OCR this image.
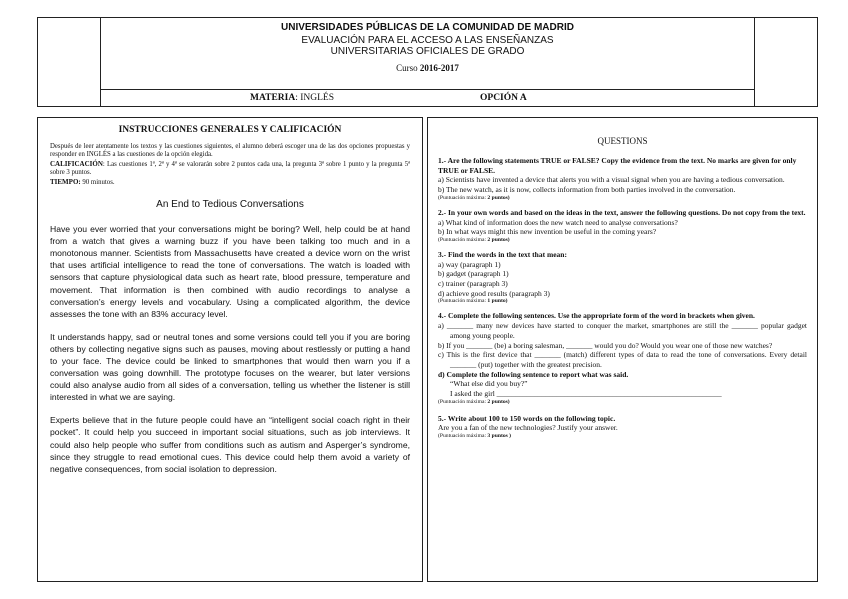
UNIVERSIDADES PÚBLICAS DE LA COMUNIDAD DE MADRID
EVALUACIÓN PARA EL ACCESO A LAS ENSEÑANZAS
UNIVERSITARIAS OFICIALES DE GRADO
Curso 2016-2017
MATERIA: INGLÉS	OPCIÓN A
INSTRUCCIONES GENERALES Y CALIFICACIÓN
Después de leer atentamente los textos y las cuestiones siguientes, el alumno deberá escoger una de las dos opciones propuestas y responder en INGLÉS a las cuestiones de la opción elegida.
CALIFICACIÓN: Las cuestiones 1ª, 2ª y 4ª se valorarán sobre 2 puntos cada una, la pregunta 3ª sobre 1 punto y la pregunta 5ª sobre 3 puntos.
TIEMPO: 90 minutos.
An End to Tedious Conversations

Have you ever worried that your conversations might be boring? Well, help could be at hand from a watch that gives a warning buzz if you have been talking too much and in a monotonous manner. Scientists from Massachusetts have created a device worn on the wrist that uses artificial intelligence to read the tone of conversations. The watch is loaded with sensors that capture physiological data such as heart rate, blood pressure, temperature and movement. That information is then combined with audio recordings to analyse a conversation’s energy levels and vocabulary. Using a complicated algorithm, the device assesses the tone with an 83% accuracy level.

It understands happy, sad or neutral tones and some versions could tell you if you are boring others by collecting negative signs such as pauses, moving about restlessly or putting a hand to your face. The device could be linked to smartphones that would then warn you if a conversation was going downhill. The prototype focuses on the wearer, but later versions could also analyse audio from all sides of a conversation, telling us whether the listener is still interested in what we are saying.

Experts believe that in the future people could have an “intelligent social coach right in their pocket”. It could help you succeed in important social situations, such as job interviews. It could also help people who suffer from conditions such as autism and Asperger’s syndrome, since they struggle to read emotional cues. This device could help them avoid a variety of negative consequences, from social isolation to depression.

QUESTIONS
1.- Are the following statements TRUE or FALSE? Copy the evidence from the text. No marks are given for only TRUE or FALSE.
a) Scientists have invented a device that alerts you with a visual signal when you are having a tedious conversation.
b) The new watch, as it is now, collects information from both parties involved in the conversation.
(Puntuación máxima: 2 puntos)
2.- In your own words and based on the ideas in the text, answer the following questions. Do not copy from the text.
a) What kind of information does the new watch need to analyse conversations?
b) In what ways might this new invention be useful in the coming years?
(Puntuación máxima: 2 puntos)
3.- Find the words in the text that mean:
a) way (paragraph 1)
b) gadget (paragraph 1)
c) trainer (paragraph 3)
d) achieve good results (paragraph 3)
(Puntuación máxima: 1 punto)
4.- Complete the following sentences. Use the appropriate form of the word in brackets when given.
a) _______ many new devices have started to conquer the market, smartphones are still the _______ popular gadget among young people.
b) If you _______ (be) a boring salesman, _______ would you do? Would you wear one of those new watches?
c) This is the first device that _______ (match) different types of data to read the tone of conversations. Every detail _______ (put) together with the greatest precision.
d) Complete the following sentence to report what was said.
“What else did you buy?”
I asked the girl ____________________________________________________________
(Puntuación máxima: 2 puntos)
5.- Write about 100 to 150 words on the following topic.
Are you a fan of the new technologies? Justify your answer.
(Puntuación máxima: 3 puntos )
